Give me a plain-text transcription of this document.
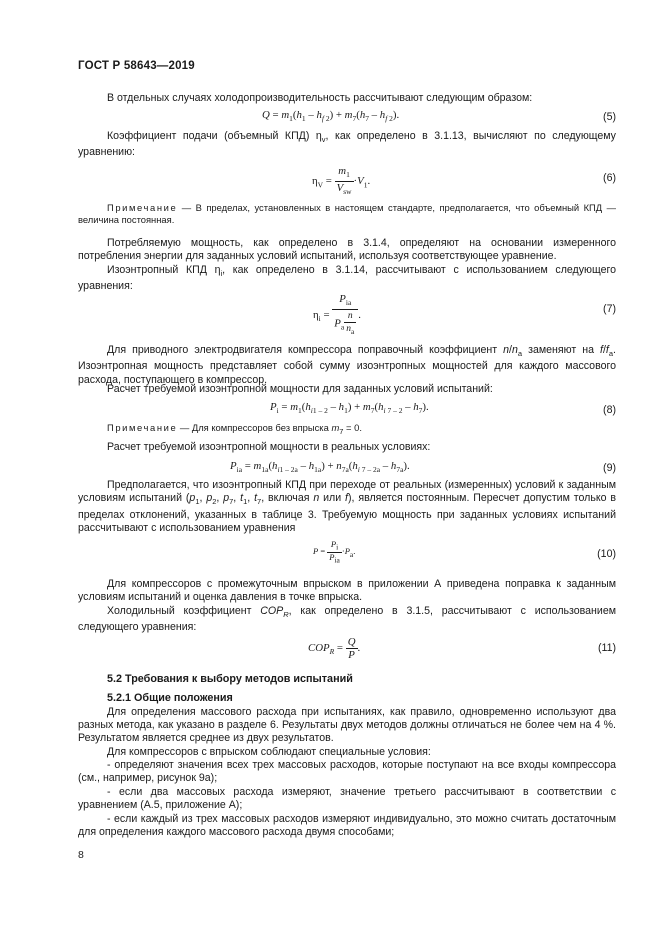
ГОСТ Р 58643—2019

В отдельных случаях холодопроизводительность рассчитывают следующим образом:

$Q = m_1(h_1 - h_{f 2}) + m_7(h_7 - h_{f 2})$.	(5)

Коэффициент подачи (объемный КПД) $\eta_v$, как определено в 3.1.13, вычисляют по следующему уравнению:

$\eta_V = \frac{m_1}{V_{sw}} \cdot V_1$.	(6)

Примечание — В пределах, установленных в настоящем стандарте, предполагается, что объемный КПД — величина постоянная.

Потребляемую мощность, как определено в 3.1.4, определяют на основании измеренного потребления энергии для заданных условий испытаний, используя соответствующее уравнение.

Изоэнтропный КПД $\eta_i$, как определено в 3.1.14, рассчитывают с использованием следующего уравнения:

$\eta_i = \frac{P_{ia}}{P_a \frac{n}{n_a}}$ .
(7)

Для приводного электродвигателя компрессора поправочный коэффициент $n/n_a$ заменяют на $f/f_a$. Изоэнтропная мощность представляет собой сумму изоэнтропных мощностей для каждого массового расхода, поступающего в компрессор.

Расчет требуемой изоэнтропной мощности для заданных условий испытаний:

$P_i = m_1(h_{i1 - 2} - h_1) + m_7(h_{i 7 - 2} - h_7)$.	(8)

Примечание — Для компрессоров без впрыска $m_7 = 0$.

Расчет требуемой изоэнтропной мощности в реальных условиях:

$P_{ia} = m_{1a}(h_{i1 - 2a} - h_{1a}) + n_{7a}(h_{i 7 - 2a} - h_{7a})$.	(9)

Предполагается, что изоэнтропный КПД при переходе от реальных (измеренных) условий к заданным условиям испытаний ($p_1$, $p_2$, $p_7$, $t_1$, $t_7$, включая n или f), является постоянным. Пересчет допустим только в пределах отклонений, указанных в таблице 3. Требуемую мощность при заданных условиях испытаний рассчитывают с использованием уравнения

$P = \frac{P_i}{P_{ia}} \cdot P_a$.	(10)

Для компрессоров с промежуточным впрыском в приложении А приведена поправка к заданным условиям испытаний и оценка давления в точке впрыска.

Холодильный коэффициент $COP_R$, как определено в 3.1.5, рассчитывают с использованием следующего уравнения:

$COP_R = \frac{Q}{P}$ .	(11)
5.2 Требования к выбору методов испытаний
5.2.1 Общие положения

Для определения массового расхода при испытаниях, как правило, одновременно используют два разных метода, как указано в разделе 6. Результаты двух методов должны отличаться не более чем на 4 %. Результатом является среднее из двух результатов.

Для компрессоров с впрыском соблюдают специальные условия:

- определяют значения всех трех массовых расходов, которые поступают на все входы компрессора (см., например, рисунок 9а);

- если два массовых расхода измеряют, значение третьего рассчитывают в соответствии с уравнением (А.5, приложение А);

- если каждый из трех массовых расходов измеряют индивидуально, это можно считать достаточным для определения каждого массового расхода двумя способами;

8
